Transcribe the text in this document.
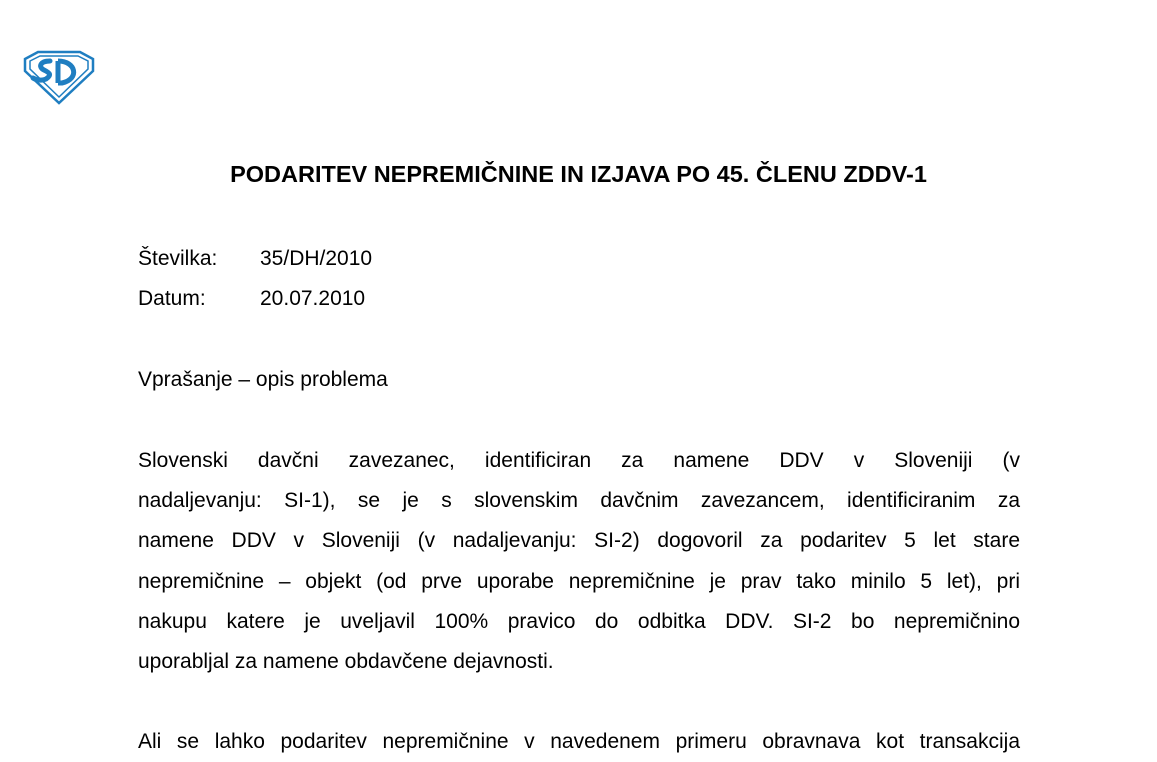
PODARITEV NEPREMIČNINE IN IZJAVA PO 45. ČLENU ZDDV-1
Številka: 35/DH/2010
Datum:	20.07.2010
Vprašanje – opis problema

Slovenski davčni zavezanec, identificiran za namene DDV v Sloveniji (v
nadaljevanju: SI-1), se je s slovenskim davčnim zavezancem, identificiranim za
namene DDV v Sloveniji (v nadaljevanju: SI-2) dogovoril za podaritev 5 let stare
nepremičnine – objekt (od prve uporabe nepremičnine je prav tako minilo 5 let), pri
nakupu katere je uveljavil 100% pravico do odbitka DDV. SI-2 bo nepremičnino
uporabljal za namene obdavčene dejavnosti.

Ali se lahko podaritev nepremičnine v navedenem primeru obravnava kot transakcija
